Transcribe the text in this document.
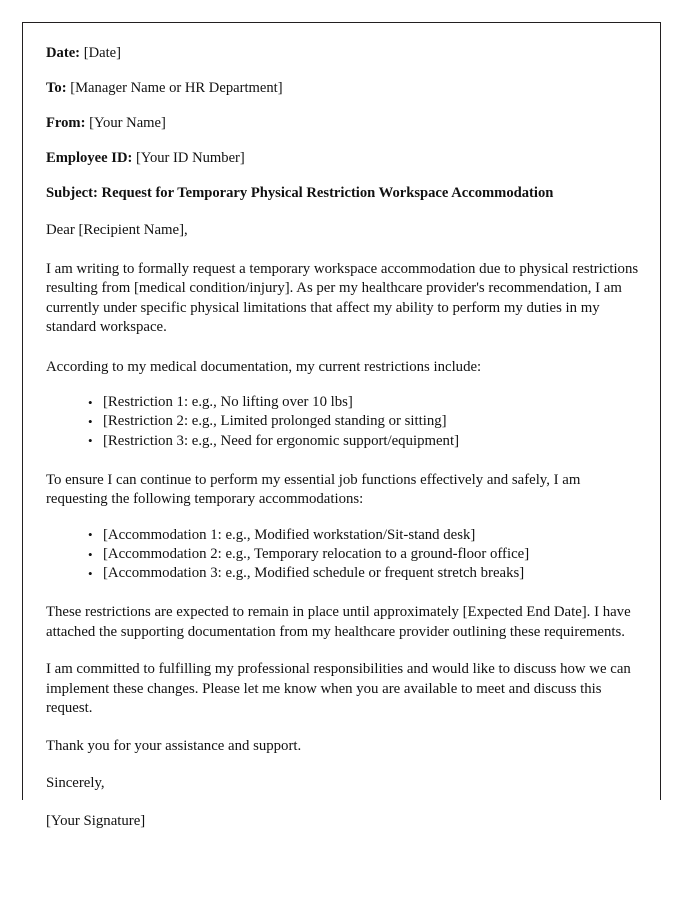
Date: [Date]
To: [Manager Name or HR Department]
From: [Your Name]
Employee ID: [Your ID Number]
Subject: Request for Temporary Physical Restriction Workspace Accommodation
Dear [Recipient Name],

I am writing to formally request a temporary workspace accommodation due to physical restrictions resulting from [medical condition/injury]. As per my healthcare provider's recommendation, I am currently under specific physical limitations that affect my ability to perform my duties in my standard workspace.

According to my medical documentation, my current restrictions include:

• [Restriction 1: e.g., No lifting over 10 lbs]
• [Restriction 2: e.g., Limited prolonged standing or sitting]
• [Restriction 3: e.g., Need for ergonomic support/equipment]

To ensure I can continue to perform my essential job functions effectively and safely, I am requesting the following temporary accommodations:

• [Accommodation 1: e.g., Modified workstation/Sit-stand desk]
• [Accommodation 2: e.g., Temporary relocation to a ground-floor office]
• [Accommodation 3: e.g., Modified schedule or frequent stretch breaks]

These restrictions are expected to remain in place until approximately [Expected End Date]. I have attached the supporting documentation from my healthcare provider outlining these requirements.

I am committed to fulfilling my professional responsibilities and would like to discuss how we can implement these changes. Please let me know when you are available to meet and discuss this request.

Thank you for your assistance and support.

Sincerely,

[Your Signature]
